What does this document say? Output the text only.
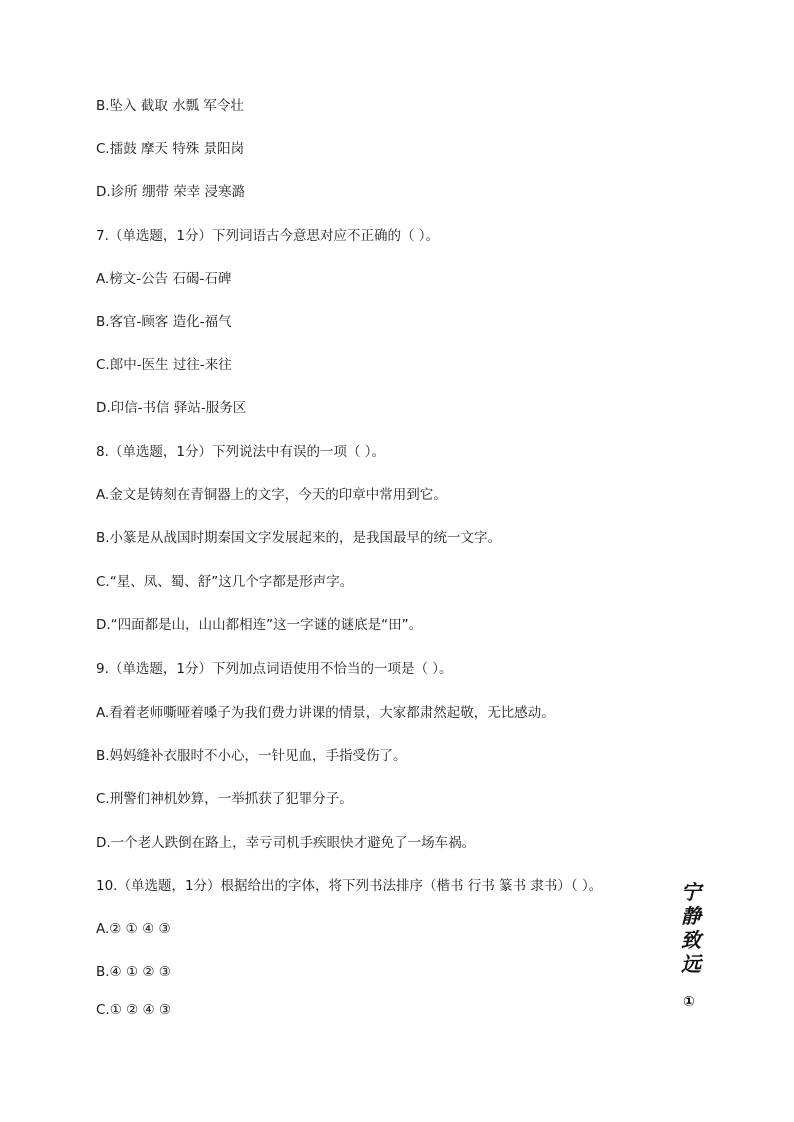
B.坠入 截取 水瓢 军令壮
C.擂鼓 摩天 特殊 景阳岗
D.诊所 绷带 荣幸 浸寒潞
7.（单选题，1分）下列词语古今意思对应不正确的（ ）。
A.榜文-公告 石碣-石碑
B.客官-顾客 造化-福气
C.郎中-医生 过往-来往
D.印信-书信 驿站-服务区
8.（单选题，1分）下列说法中有误的一项（ ）。
A.金文是铸刻在青铜器上的文字，今天的印章中常用到它。
B.小篆是从战国时期秦国文字发展起来的，是我国最早的统一文字。
C.“星、凤、蜀、舒”这几个字都是形声字。
D.“四面都是山，山山都相连”这一字谜的谜底是“田”。
9.（单选题，1分）下列加点词语使用不恰当的一项是（ ）。
A.看着老师嘶哑着嗓子为我们费力讲课的情景，大家都肃然起敬，无比感动。
B.妈妈缝补衣服时不小心，一针见血，手指受伤了。
C.刑警们神机妙算，一举抓获了犯罪分子。
D.一个老人跌倒在路上，幸亏司机手疾眼快才避免了一场车祸。
10.（单选题，1分）根据给出的字体，将下列书法排序（楷书 行书 篆书 隶书）（ ）。
A.② ① ④ ③
B.④ ① ② ③
C.① ② ④ ③
宁
静
致
远
①
